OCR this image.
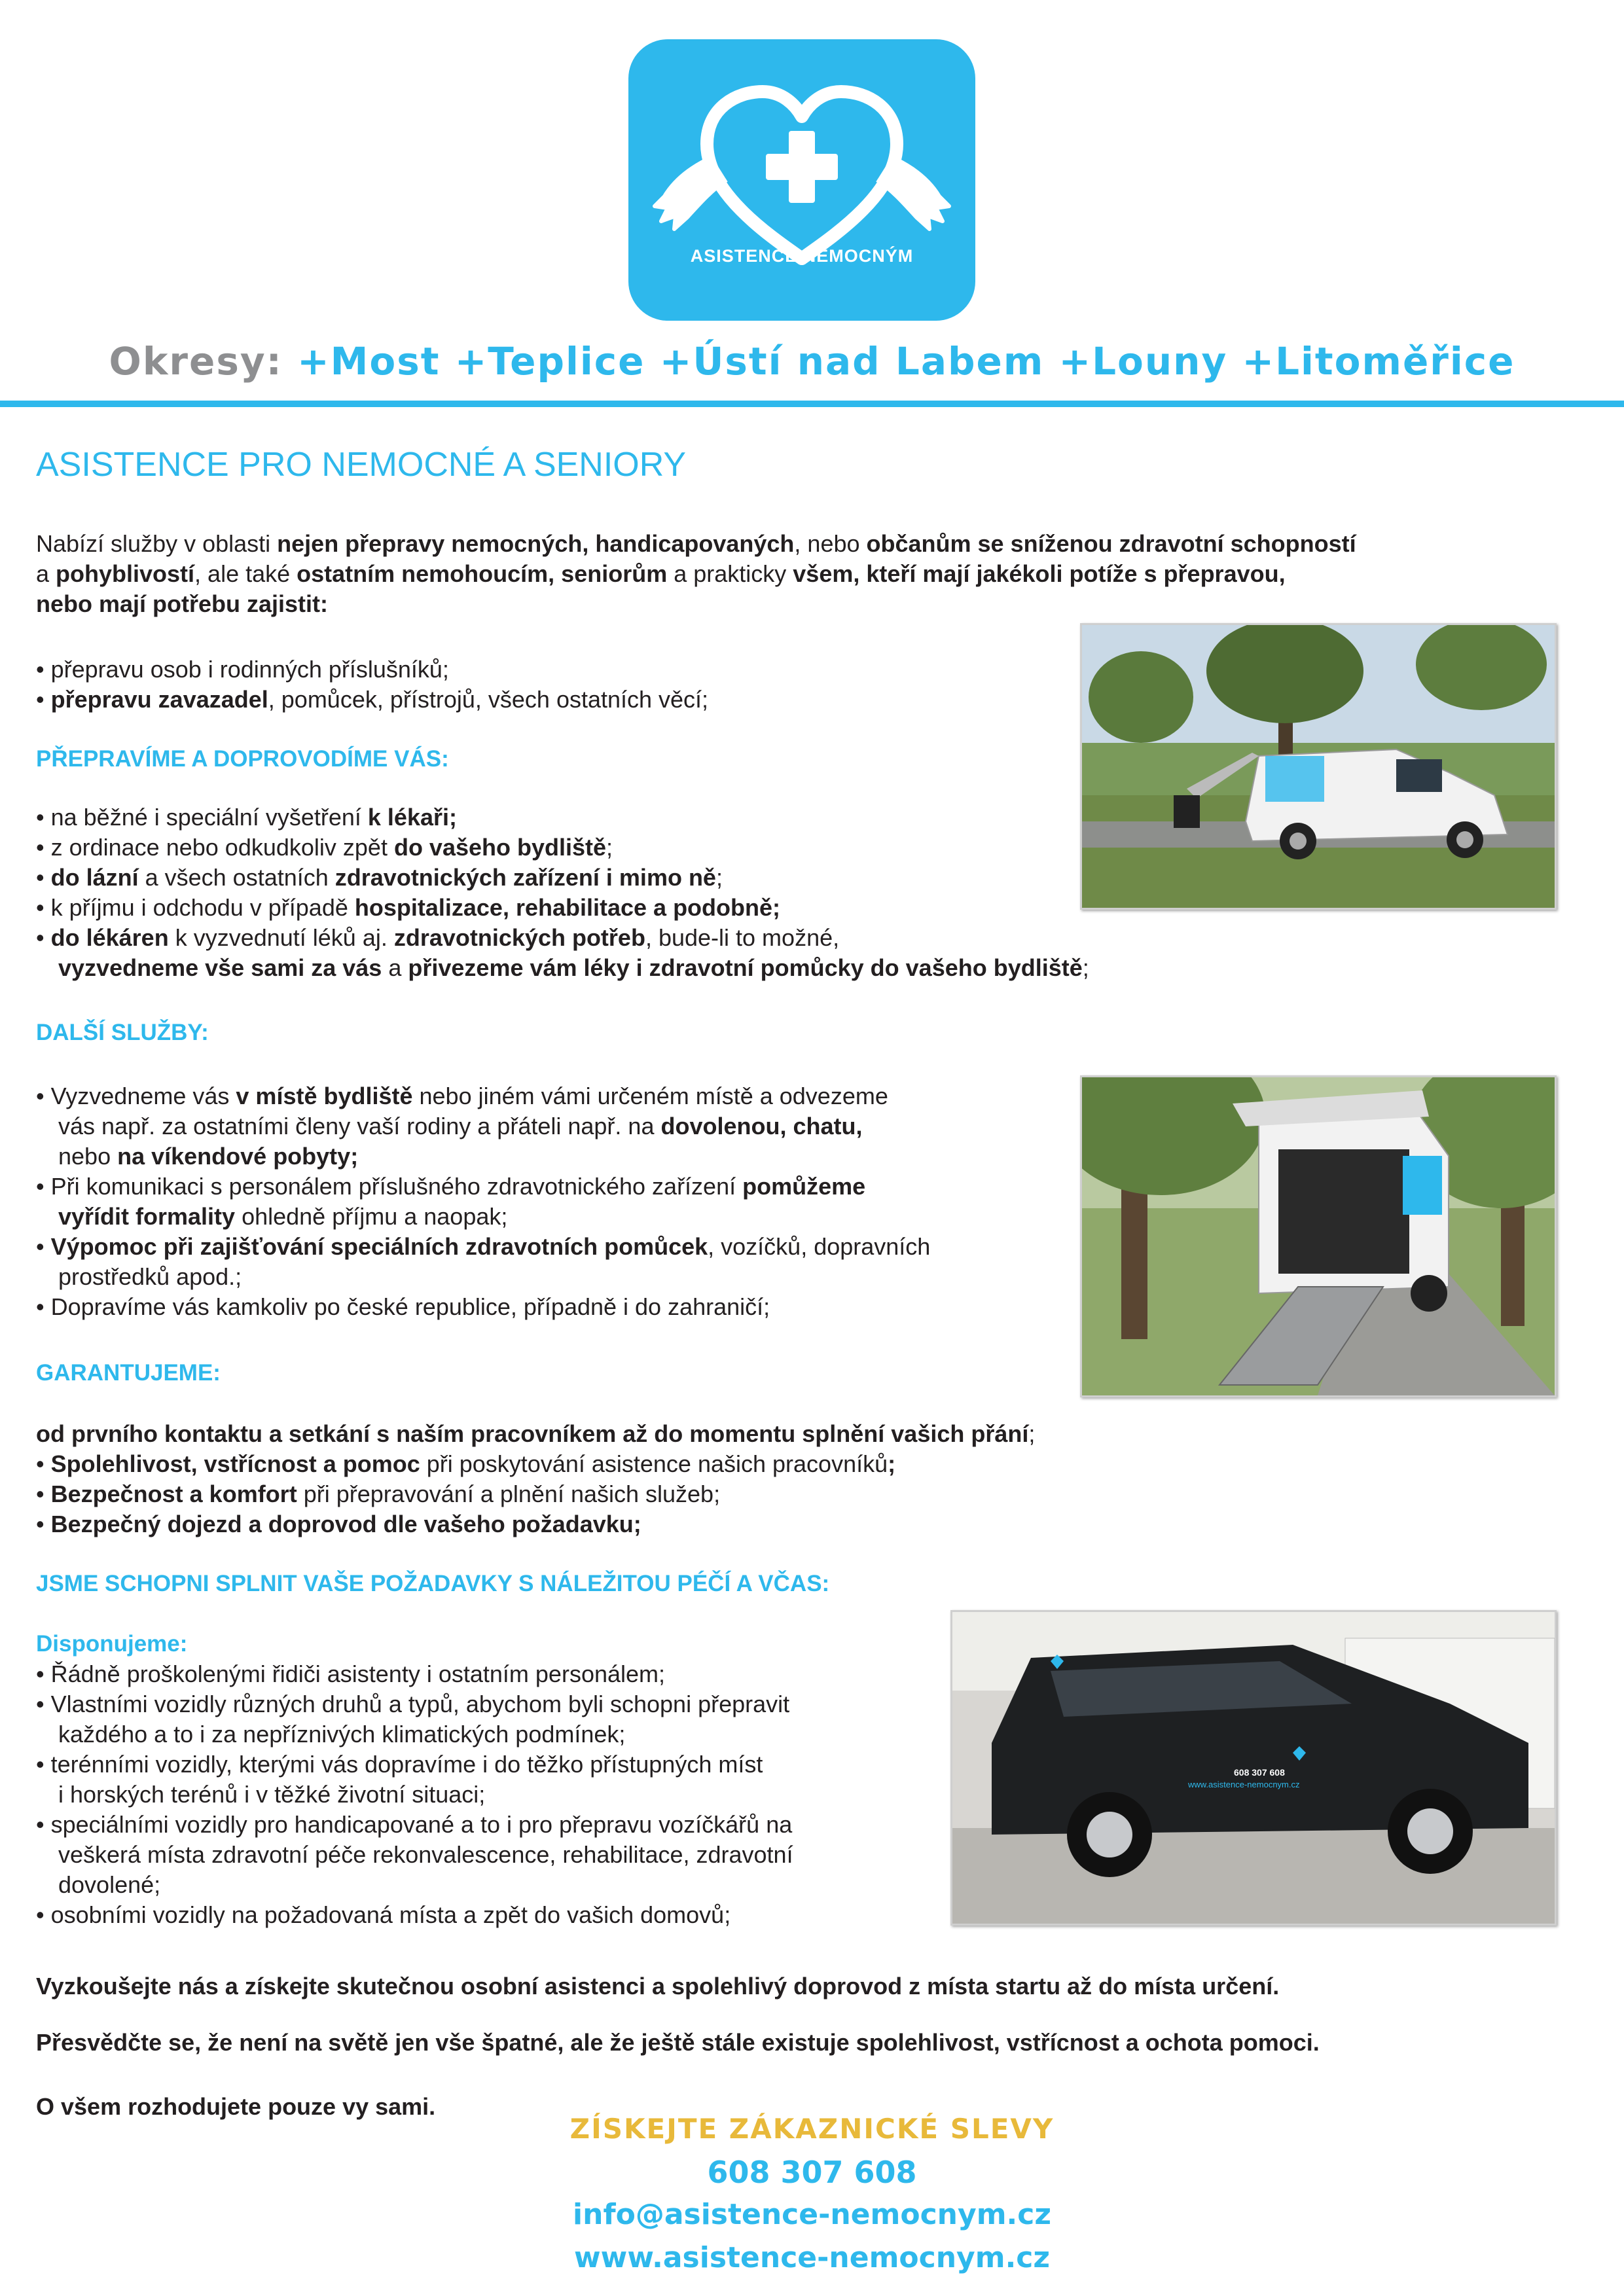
ASISTENCE NEMOCNÝM
Okresy: +Most +Teplice +Ústí nad Labem +Louny +Litoměřice
ASISTENCE PRO NEMOCNÉ A SENIORY
Nabízí služby v oblasti nejen přepravy nemocných, handicapovaných, nebo občanům se sníženou zdravotní schopností
a pohyblivostí, ale také ostatním nemohoucím, seniorům a prakticky všem, kteří mají jakékoli potíže s přepravou,
nebo mají potřebu zajistit:
• přepravu osob i rodinných příslušníků;
• přepravu zavazadel, pomůcek, přístrojů, všech ostatních věcí;
PŘEPRAVÍME A DOPROVODÍME VÁS:
• na běžné i speciální vyšetření k lékaři;
• z ordinace nebo odkudkoliv zpět do vašeho bydliště;
• do lázní a všech ostatních zdravotnických zařízení i mimo ně;
• k příjmu i odchodu v případě hospitalizace, rehabilitace a podobně;
• do lékáren k vyzvednutí léků aj. zdravotnických potřeb, bude-li to možné,
vyzvedneme vše sami za vás a přivezeme vám léky i zdravotní pomůcky do vašeho bydliště;
DALŠÍ SLUŽBY:
• Vyzvedneme vás v místě bydliště nebo jiném vámi určeném místě a odvezeme
vás např. za ostatními členy vaší rodiny a přáteli např. na dovolenou, chatu,
nebo na víkendové pobyty;
• Při komunikaci s personálem příslušného zdravotnického zařízení pomůžeme
vyřídit formality ohledně příjmu a naopak;
• Výpomoc při zajišťování speciálních zdravotních pomůcek, vozíčků, dopravních
prostředků apod.;
• Dopravíme vás kamkoliv po české republice, případně i do zahraničí;
GARANTUJEME:
od prvního kontaktu a setkání s naším pracovníkem až do momentu splnění vašich přání;
• Spolehlivost, vstřícnost a pomoc při poskytování asistence našich pracovníků;
• Bezpečnost a komfort při přepravování a plnění našich služeb;
• Bezpečný dojezd a doprovod dle vašeho požadavku;
JSME SCHOPNI SPLNIT VAŠE POŽADAVKY S NÁLEŽITOU PÉČÍ A VČAS:
Disponujeme:
• Řádně proškolenými řidiči asistenty i ostatním personálem;
• Vlastními vozidly různých druhů a typů, abychom byli schopni přepravit
každého a to i za nepříznivých klimatických podmínek;
• terénními vozidly, kterými vás dopravíme i do těžko přístupných míst
i horských terénů i v těžké životní situaci;
• speciálními vozidly pro handicapované a to i pro přepravu vozíčkářů na
veškerá místa zdravotní péče rekonvalescence, rehabilitace, zdravotní
dovolené;
• osobními vozidly na požadovaná místa a zpět do vašich domovů;
608 307 608
www.asistence-nemocnym.cz
Vyzkoušejte nás a získejte skutečnou osobní asistenci a spolehlivý doprovod z místa startu až do místa určení.
Přesvědčte se, že není na světě jen vše špatné, ale že ještě stále existuje spolehlivost, vstřícnost a ochota pomoci.
O všem rozhodujete pouze vy sami.
ZÍSKEJTE ZÁKAZNICKÉ SLEVY
608 307 608
info@asistence-nemocnym.cz
www.asistence-nemocnym.cz
